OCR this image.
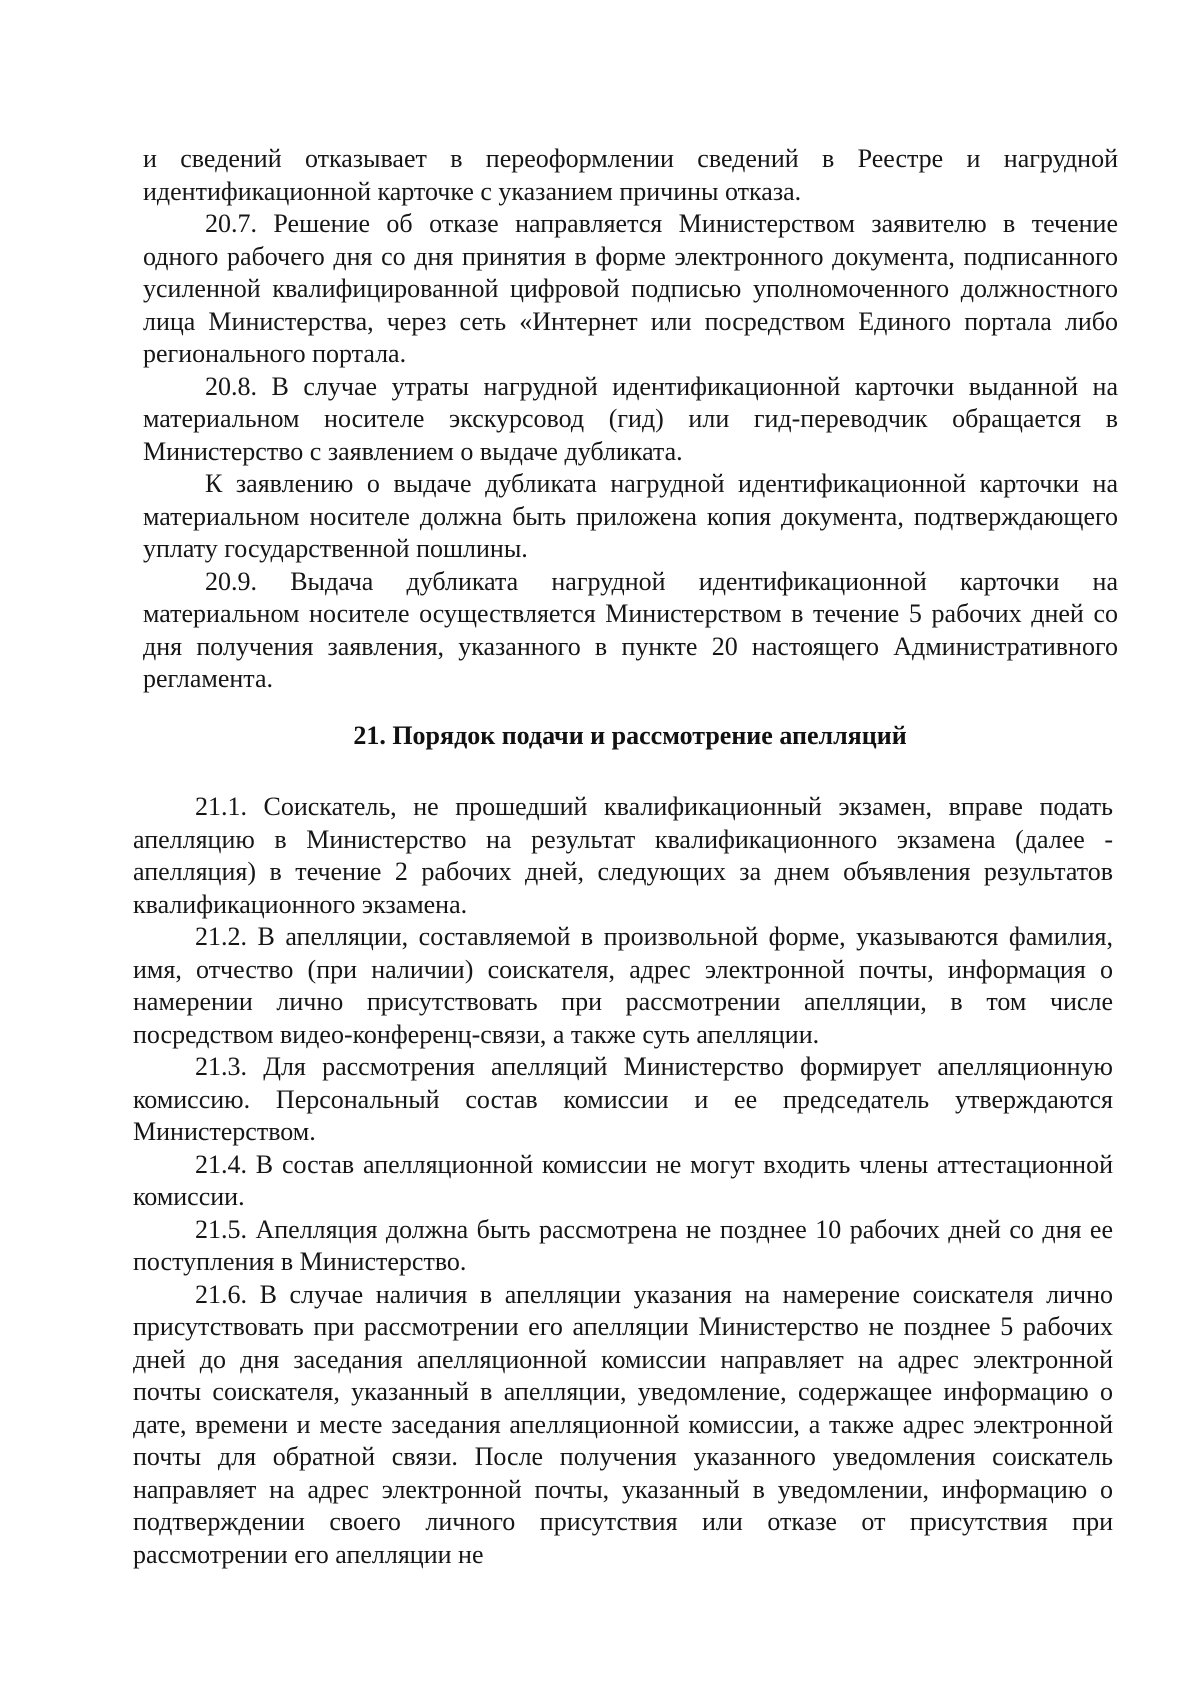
и сведений отказывает в переоформлении сведений в Реестре и нагрудной идентификационной карточке с указанием причины отказа.

20.7. Решение об отказе направляется Министерством заявителю в течение одного рабочего дня со дня принятия в форме электронного документа, подписанного усиленной квалифицированной цифровой подписью уполномоченного должностного лица Министерства, через сеть «Интернет или посредством Единого портала либо регионального портала.

20.8. В случае утраты нагрудной идентификационной карточки выданной на материальном носителе экскурсовод (гид) или гид-переводчик обращается в Министерство с заявлением о выдаче дубликата.

К заявлению о выдаче дубликата нагрудной идентификационной карточки на материальном носителе должна быть приложена копия документа, подтверждающего уплату государственной пошлины.

20.9. Выдача дубликата нагрудной идентификационной карточки на материальном носителе осуществляется Министерством в течение 5 рабочих дней со дня получения заявления, указанного в пункте 20 настоящего Административного регламента.

21. Порядок подачи и рассмотрение апелляций

21.1. Соискатель, не прошедший квалификационный экзамен, вправе подать апелляцию в Министерство на результат квалификационного экзамена (далее - апелляция) в течение 2 рабочих дней, следующих за днем объявления результатов квалификационного экзамена.

21.2. В апелляции, составляемой в произвольной форме, указываются фамилия, имя, отчество (при наличии) соискателя, адрес электронной почты, информация о намерении лично присутствовать при рассмотрении апелляции, в том числе посредством видео-конференц-связи, а также суть апелляции.

21.3. Для рассмотрения апелляций Министерство формирует апелляционную комиссию. Персональный состав комиссии и ее председатель утверждаются Министерством.

21.4. В состав апелляционной комиссии не могут входить члены аттестационной комиссии.

21.5. Апелляция должна быть рассмотрена не позднее 10 рабочих дней со дня ее поступления в Министерство.

21.6. В случае наличия в апелляции указания на намерение соискателя лично присутствовать при рассмотрении его апелляции Министерство не позднее 5 рабочих дней до дня заседания апелляционной комиссии направляет на адрес электронной почты соискателя, указанный в апелляции, уведомление, содержащее информацию о дате, времени и месте заседания апелляционной комиссии, а также адрес электронной почты для обратной связи. После получения указанного уведомления соискатель направляет на адрес электронной почты, указанный в уведомлении, информацию о подтверждении своего личного присутствия или отказе от присутствия при рассмотрении его апелляции не
